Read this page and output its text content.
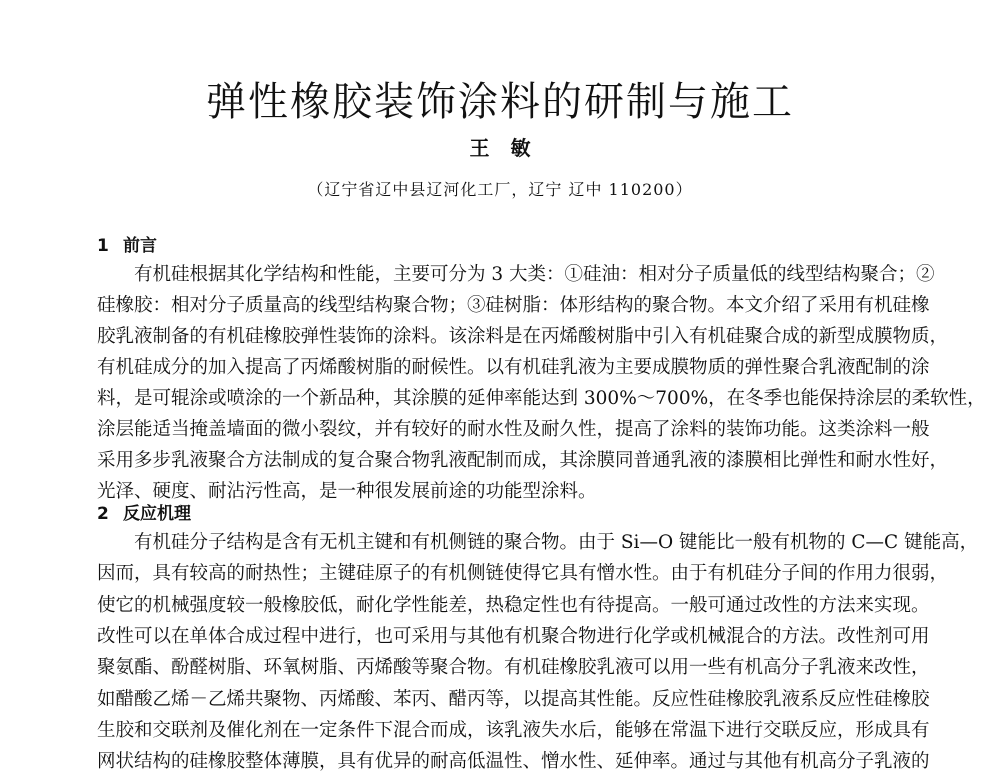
弹性橡胶装饰涂料的研制与施工
王 敏
（辽宁省辽中县辽河化工厂，辽宁 辽中 110200）
1 前言
有机硅根据其化学结构和性能，主要可分为 3 大类：①硅油：相对分子质量低的线型结构聚合；②
硅橡胶：相对分子质量高的线型结构聚合物；③硅树脂：体形结构的聚合物。本文介绍了采用有机硅橡
胶乳液制备的有机硅橡胶弹性装饰的涂料。该涂料是在丙烯酸树脂中引入有机硅聚合成的新型成膜物质，
有机硅成分的加入提高了丙烯酸树脂的耐候性。以有机硅乳液为主要成膜物质的弹性聚合乳液配制的涂
料，是可辊涂或喷涂的一个新品种，其涂膜的延伸率能达到 300%～700%，在冬季也能保持涂层的柔软性，
涂层能适当掩盖墙面的微小裂纹，并有较好的耐水性及耐久性，提高了涂料的装饰功能。这类涂料一般
采用多步乳液聚合方法制成的复合聚合物乳液配制而成，其涂膜同普通乳液的漆膜相比弹性和耐水性好，
光泽、硬度、耐沾污性高，是一种很发展前途的功能型涂料。
2 反应机理
有机硅分子结构是含有无机主键和有机侧链的聚合物。由于 Si—O 键能比一般有机物的 C—C 键能高，
因而，具有较高的耐热性；主键硅原子的有机侧链使得它具有憎水性。由于有机硅分子间的作用力很弱，
使它的机械强度较一般橡胶低，耐化学性能差，热稳定性也有待提高。一般可通过改性的方法来实现。
改性可以在单体合成过程中进行，也可采用与其他有机聚合物进行化学或机械混合的方法。改性剂可用
聚氨酯、酚醛树脂、环氧树脂、丙烯酸等聚合物。有机硅橡胶乳液可以用一些有机高分子乳液来改性，
如醋酸乙烯－乙烯共聚物、丙烯酸、苯丙、醋丙等，以提高其性能。反应性硅橡胶乳液系反应性硅橡胶
生胶和交联剂及催化剂在一定条件下混合而成，该乳液失水后，能够在常温下进行交联反应，形成具有
网状结构的硅橡胶整体薄膜，具有优异的耐高低温性、憎水性、延伸率。通过与其他有机高分子乳液的
